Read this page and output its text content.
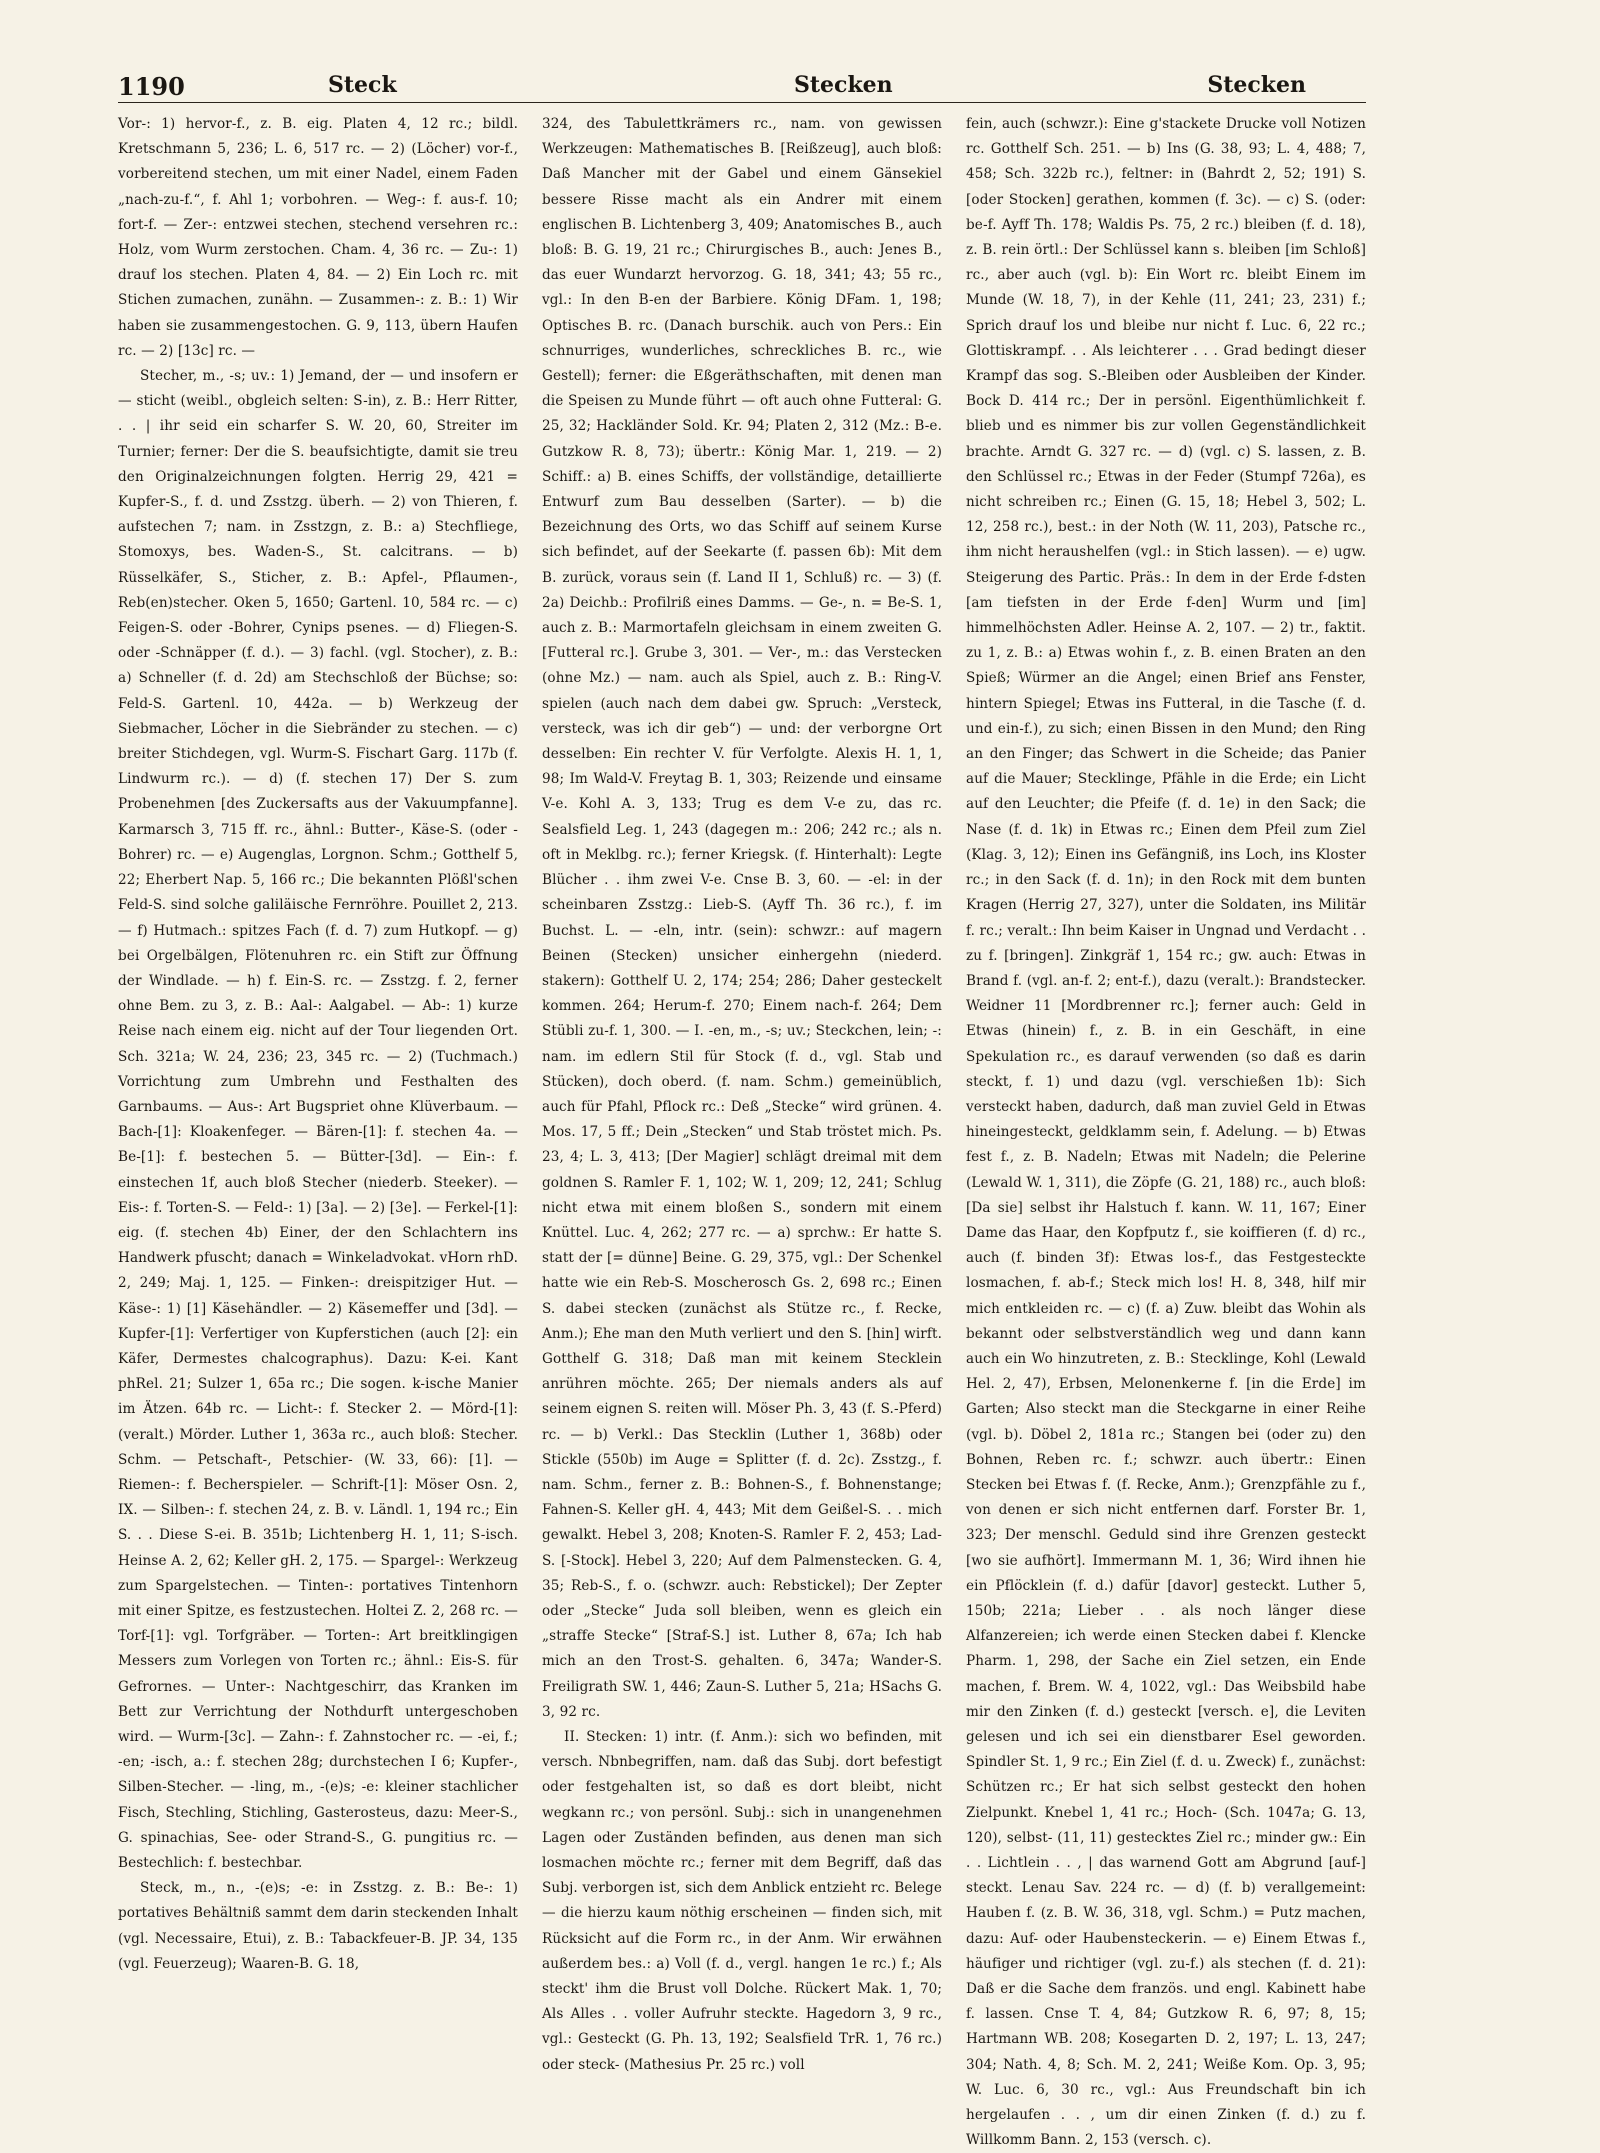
1190	Steck	Stecken	Stecken

Vor-: 1) hervor-f., z. B. eig. Platen 4, 12 rc.; bildl. Kretschmann 5, 236; L. 6, 517 rc. — 2) (Löcher) vor-f., vorbereitend stechen, um mit einer Nadel, einem Faden „nach-zu-f.“, f. Ahl 1; vorbohren. — Weg-: f. aus-f. 10; fort-f. — Zer-: entzwei stechen, stechend versehren rc.: Holz, vom Wurm zerstochen. Cham. 4, 36 rc. — Zu-: 1) drauf los stechen. Platen 4, 84. — 2) Ein Loch rc. mit Stichen zumachen, zunähn. — Zusammen-: z. B.: 1) Wir haben sie zusammengestochen. G. 9, 113, übern Haufen rc. — 2) [13c] rc. —

Stecher, m., -s; uv.: 1) Jemand, der — und insofern er — sticht (weibl., obgleich selten: S-in), z. B.: Herr Ritter, . . | ihr seid ein scharfer S. W. 20, 60, Streiter im Turnier; ferner: Der die S. beaufsichtigte, damit sie treu den Originalzeichnungen folgten. Herrig 29, 421 = Kupfer-S., f. d. und Zsstzg. überh. — 2) von Thieren, f. aufstechen 7; nam. in Zsstzgn, z. B.: a) Stechfliege, Stomoxys, bes. Waden-S., St. calcitrans. — b) Rüsselkäfer, S., Sticher, z. B.: Apfel-, Pflaumen-, Reb(en)stecher. Oken 5, 1650; Gartenl. 10, 584 rc. — c) Feigen-S. oder -Bohrer, Cynips psenes. — d) Fliegen-S. oder -Schnäpper (f. d.). — 3) fachl. (vgl. Stocher), z. B.: a) Schneller (f. d. 2d) am Stechschloß der Büchse; so: Feld-S. Gartenl. 10, 442a. — b) Werkzeug der Siebmacher, Löcher in die Siebränder zu stechen. — c) breiter Stichdegen, vgl. Wurm-S. Fischart Garg. 117b (f. Lindwurm rc.). — d) (f. stechen 17) Der S. zum Probenehmen [des Zuckersafts aus der Vakuumpfanne]. Karmarsch 3, 715 ff. rc., ähnl.: Butter-, Käse-S. (oder -Bohrer) rc. — e) Augenglas, Lorgnon. Schm.; Gotthelf 5, 22; Eherbert Nap. 5, 166 rc.; Die bekannten Plößl'schen Feld-S. sind solche galiläische Fernröhre. Pouillet 2, 213. — f) Hutmach.: spitzes Fach (f. d. 7) zum Hutkopf. — g) bei Orgelbälgen, Flötenuhren rc. ein Stift zur Öffnung der Windlade. — h) f. Ein-S. rc. — Zsstzg. f. 2, ferner ohne Bem. zu 3, z. B.: Aal-: Aalgabel. — Ab-: 1) kurze Reise nach einem eig. nicht auf der Tour liegenden Ort. Sch. 321a; W. 24, 236; 23, 345 rc. — 2) (Tuchmach.) Vorrichtung zum Umbrehn und Festhalten des Garnbaums. — Aus-: Art Bugspriet ohne Klüverbaum. — Bach-[1]: Kloakenfeger. — Bären-[1]: f. stechen 4a. — Be-[1]: f. bestechen 5. — Bütter-[3d]. — Ein-: f. einstechen 1f, auch bloß Stecher (niederb. Steeker). — Eis-: f. Torten-S. — Feld-: 1) [3a]. — 2) [3e]. — Ferkel-[1]: eig. (f. stechen 4b) Einer, der den Schlachtern ins Handwerk pfuscht; danach = Winkeladvokat. vHorn rhD. 2, 249; Maj. 1, 125. — Finken-: dreispitziger Hut. — Käse-: 1) [1] Käsehändler. — 2) Käsemeffer und [3d]. — Kupfer-[1]: Verfertiger von Kupferstichen (auch [2]: ein Käfer, Dermestes chalcographus). Dazu: K-ei. Kant phRel. 21; Sulzer 1, 65a rc.; Die sogen. k-ische Manier im Ätzen. 64b rc. — Licht-: f. Stecker 2. — Mörd-[1]: (veralt.) Mörder. Luther 1, 363a rc., auch bloß: Stecher. Schm. — Petschaft-, Petschier- (W. 33, 66): [1]. — Riemen-: f. Becherspieler. — Schrift-[1]: Möser Osn. 2, IX. — Silben-: f. stechen 24, z. B. v. Ländl. 1, 194 rc.; Ein S. . . Diese S-ei. B. 351b; Lichtenberg H. 1, 11; S-isch. Heinse A. 2, 62; Keller gH. 2, 175. — Spargel-: Werkzeug zum Spargelstechen. — Tinten-: portatives Tintenhorn mit einer Spitze, es festzustechen. Holtei Z. 2, 268 rc. — Torf-[1]: vgl. Torfgräber. — Torten-: Art breitklingigen Messers zum Vorlegen von Torten rc.; ähnl.: Eis-S. für Gefrornes. — Unter-: Nachtgeschirr, das Kranken im Bett zur Verrichtung der Nothdurft untergeschoben wird. — Wurm-[3c]. — Zahn-: f. Zahnstocher rc. — -ei, f.; -en; -isch, a.: f. stechen 28g; durchstechen I 6; Kupfer-, Silben-Stecher. — -ling, m., -(e)s; -e: kleiner stachlicher Fisch, Stechling, Stichling, Gasterosteus, dazu: Meer-S., G. spinachias, See- oder Strand-S., G. pungitius rc. — Bestechlich: f. bestechbar.

Steck, m., n., -(e)s; -e: in Zsstzg. z. B.: Be-: 1) portatives Behältniß sammt dem darin steckenden Inhalt (vgl. Necessaire, Etui), z. B.: Tabackfeuer-B. JP. 34, 135 (vgl. Feuerzeug); Waaren-B. G. 18,

324, des Tabulettkrämers rc., nam. von gewissen Werkzeugen: Mathematisches B. [Reißzeug], auch bloß: Daß Mancher mit der Gabel und einem Gänsekiel bessere Risse macht als ein Andrer mit einem englischen B. Lichtenberg 3, 409; Anatomisches B., auch bloß: B. G. 19, 21 rc.; Chirurgisches B., auch: Jenes B., das euer Wundarzt hervorzog. G. 18, 341; 43; 55 rc., vgl.: In den B-en der Barbiere. König DFam. 1, 198; Optisches B. rc. (Danach burschik. auch von Pers.: Ein schnurriges, wunderliches, schreckliches B. rc., wie Gestell); ferner: die Eßgeräthschaften, mit denen man die Speisen zu Munde führt — oft auch ohne Futteral: G. 25, 32; Hackländer Sold. Kr. 94; Platen 2, 312 (Mz.: B-e. Gutzkow R. 8, 73); übertr.: König Mar. 1, 219. — 2) Schiff.: a) B. eines Schiffs, der vollständige, detaillierte Entwurf zum Bau desselben (Sarter). — b) die Bezeichnung des Orts, wo das Schiff auf seinem Kurse sich befindet, auf der Seekarte (f. passen 6b): Mit dem B. zurück, voraus sein (f. Land II 1, Schluß) rc. — 3) (f. 2a) Deichb.: Profilriß eines Damms. — Ge-, n. = Be-S. 1, auch z. B.: Marmortafeln gleichsam in einem zweiten G. [Futteral rc.]. Grube 3, 301. — Ver-, m.: das Verstecken (ohne Mz.) — nam. auch als Spiel, auch z. B.: Ring-V. spielen (auch nach dem dabei gw. Spruch: „Versteck, versteck, was ich dir geb“) — und: der verborgne Ort desselben: Ein rechter V. für Verfolgte. Alexis H. 1, 1, 98; Im Wald-V. Freytag B. 1, 303; Reizende und einsame V-e. Kohl A. 3, 133; Trug es dem V-e zu, das rc. Sealsfield Leg. 1, 243 (dagegen m.: 206; 242 rc.; als n. oft in Meklbg. rc.); ferner Kriegsk. (f. Hinterhalt): Legte Blücher . . ihm zwei V-e. Cnse B. 3, 60. — -el: in der scheinbaren Zsstzg.: Lieb-S. (Ayff Th. 36 rc.), f. im Buchst. L. — -eln, intr. (sein): schwzr.: auf magern Beinen (Stecken) unsicher einhergehn (niederd. stakern): Gotthelf U. 2, 174; 254; 286; Daher gesteckelt kommen. 264; Herum-f. 270; Einem nach-f. 264; Dem Stübli zu-f. 1, 300. — I. -en, m., -s; uv.; Steckchen, lein; -: nam. im edlern Stil für Stock (f. d., vgl. Stab und Stücken), doch oberd. (f. nam. Schm.) gemeinüblich, auch für Pfahl, Pflock rc.: Deß „Stecke“ wird grünen. 4. Mos. 17, 5 ff.; Dein „Stecken“ und Stab tröstet mich. Ps. 23, 4; L. 3, 413; [Der Magier] schlägt dreimal mit dem goldnen S. Ramler F. 1, 102; W. 1, 209; 12, 241; Schlug nicht etwa mit einem bloßen S., sondern mit einem Knüttel. Luc. 4, 262; 277 rc. — a) sprchw.: Er hatte S. statt der [= dünne] Beine. G. 29, 375, vgl.: Der Schenkel hatte wie ein Reb-S. Moscherosch Gs. 2, 698 rc.; Einen S. dabei stecken (zunächst als Stütze rc., f. Recke, Anm.); Ehe man den Muth verliert und den S. [hin] wirft. Gotthelf G. 318; Daß man mit keinem Stecklein anrühren möchte. 265; Der niemals anders als auf seinem eignen S. reiten will. Möser Ph. 3, 43 (f. S.-Pferd) rc. — b) Verkl.: Das Stecklin (Luther 1, 368b) oder Stickle (550b) im Auge = Splitter (f. d. 2c). Zsstzg., f. nam. Schm., ferner z. B.: Bohnen-S., f. Bohnenstange; Fahnen-S. Keller gH. 4, 443; Mit dem Geißel-S. . . mich gewalkt. Hebel 3, 208; Knoten-S. Ramler F. 2, 453; Lad-S. [-Stock]. Hebel 3, 220; Auf dem Palmenstecken. G. 4, 35; Reb-S., f. o. (schwzr. auch: Rebstickel); Der Zepter oder „Stecke“ Juda soll bleiben, wenn es gleich ein „straffe Stecke“ [Straf-S.] ist. Luther 8, 67a; Ich hab mich an den Trost-S. gehalten. 6, 347a; Wander-S. Freiligrath SW. 1, 446; Zaun-S. Luther 5, 21a; HSachs G. 3, 92 rc.

II. Stecken: 1) intr. (f. Anm.): sich wo befinden, mit versch. Nbnbegriffen, nam. daß das Subj. dort befestigt oder festgehalten ist, so daß es dort bleibt, nicht wegkann rc.; von persönl. Subj.: sich in unangenehmen Lagen oder Zuständen befinden, aus denen man sich losmachen möchte rc.; ferner mit dem Begriff, daß das Subj. verborgen ist, sich dem Anblick entzieht rc. Belege — die hierzu kaum nöthig erscheinen — finden sich, mit Rücksicht auf die Form rc., in der Anm. Wir erwähnen außerdem bes.: a) Voll (f. d., vergl. hangen 1e rc.) f.; Als steckt' ihm die Brust voll Dolche. Rückert Mak. 1, 70; Als Alles . . voller Aufruhr steckte. Hagedorn 3, 9 rc., vgl.: Gesteckt (G. Ph. 13, 192; Sealsfield TrR. 1, 76 rc.) oder steck- (Mathesius Pr. 25 rc.) voll

fein, auch (schwzr.): Eine g'stackete Drucke voll Notizen rc. Gotthelf Sch. 251. — b) Ins (G. 38, 93; L. 4, 488; 7, 458; Sch. 322b rc.), feltner: in (Bahrdt 2, 52; 191) S. [oder Stocken] gerathen, kommen (f. 3c). — c) S. (oder: be-f. Ayff Th. 178; Waldis Ps. 75, 2 rc.) bleiben (f. d. 18), z. B. rein örtl.: Der Schlüssel kann s. bleiben [im Schloß] rc., aber auch (vgl. b): Ein Wort rc. bleibt Einem im Munde (W. 18, 7), in der Kehle (11, 241; 23, 231) f.; Sprich drauf los und bleibe nur nicht f. Luc. 6, 22 rc.; Glottiskrampf. . . Als leichterer . . . Grad bedingt dieser Krampf das sog. S.-Bleiben oder Ausbleiben der Kinder. Bock D. 414 rc.; Der in persönl. Eigenthümlichkeit f. blieb und es nimmer bis zur vollen Gegenständlichkeit brachte. Arndt G. 327 rc. — d) (vgl. c) S. lassen, z. B. den Schlüssel rc.; Etwas in der Feder (Stumpf 726a), es nicht schreiben rc.; Einen (G. 15, 18; Hebel 3, 502; L. 12, 258 rc.), best.: in der Noth (W. 11, 203), Patsche rc., ihm nicht heraushelfen (vgl.: in Stich lassen). — e) ugw. Steigerung des Partic. Präs.: In dem in der Erde f-dsten [am tiefsten in der Erde f-den] Wurm und [im] himmelhöchsten Adler. Heinse A. 2, 107. — 2) tr., faktit. zu 1, z. B.: a) Etwas wohin f., z. B. einen Braten an den Spieß; Würmer an die Angel; einen Brief ans Fenster, hintern Spiegel; Etwas ins Futteral, in die Tasche (f. d. und ein-f.), zu sich; einen Bissen in den Mund; den Ring an den Finger; das Schwert in die Scheide; das Panier auf die Mauer; Stecklinge, Pfähle in die Erde; ein Licht auf den Leuchter; die Pfeife (f. d. 1e) in den Sack; die Nase (f. d. 1k) in Etwas rc.; Einen dem Pfeil zum Ziel (Klag. 3, 12); Einen ins Gefängniß, ins Loch, ins Kloster rc.; in den Sack (f. d. 1n); in den Rock mit dem bunten Kragen (Herrig 27, 327), unter die Soldaten, ins Militär f. rc.; veralt.: Ihn beim Kaiser in Ungnad und Verdacht . . zu f. [bringen]. Zinkgräf 1, 154 rc.; gw. auch: Etwas in Brand f. (vgl. an-f. 2; ent-f.), dazu (veralt.): Brandstecker. Weidner 11 [Mordbrenner rc.]; ferner auch: Geld in Etwas (hinein) f., z. B. in ein Geschäft, in eine Spekulation rc., es darauf verwenden (so daß es darin steckt, f. 1) und dazu (vgl. verschießen 1b): Sich versteckt haben, dadurch, daß man zuviel Geld in Etwas hineingesteckt, geldklamm sein, f. Adelung. — b) Etwas fest f., z. B. Nadeln; Etwas mit Nadeln; die Pelerine (Lewald W. 1, 311), die Zöpfe (G. 21, 188) rc., auch bloß: [Da sie] selbst ihr Halstuch f. kann. W. 11, 167; Einer Dame das Haar, den Kopfputz f., sie koiffieren (f. d) rc., auch (f. binden 3f): Etwas los-f., das Festgesteckte losmachen, f. ab-f.; Steck mich los! H. 8, 348, hilf mir mich entkleiden rc. — c) (f. a) Zuw. bleibt das Wohin als bekannt oder selbstverständlich weg und dann kann auch ein Wo hinzutreten, z. B.: Stecklinge, Kohl (Lewald Hel. 2, 47), Erbsen, Melonenkerne f. [in die Erde] im Garten; Also steckt man die Steckgarne in einer Reihe (vgl. b). Döbel 2, 181a rc.; Stangen bei (oder zu) den Bohnen, Reben rc. f.; schwzr. auch übertr.: Einen Stecken bei Etwas f. (f. Recke, Anm.); Grenzpfähle zu f., von denen er sich nicht entfernen darf. Forster Br. 1, 323; Der menschl. Geduld sind ihre Grenzen gesteckt [wo sie aufhört]. Immermann M. 1, 36; Wird ihnen hie ein Pflöcklein (f. d.) dafür [davor] gesteckt. Luther 5, 150b; 221a; Lieber . . als noch länger diese Alfanzereien; ich werde einen Stecken dabei f. Klencke Pharm. 1, 298, der Sache ein Ziel setzen, ein Ende machen, f. Brem. W. 4, 1022, vgl.: Das Weibsbild habe mir den Zinken (f. d.) gesteckt [versch. e], die Leviten gelesen und ich sei ein dienstbarer Esel geworden. Spindler St. 1, 9 rc.; Ein Ziel (f. d. u. Zweck) f., zunächst: Schützen rc.; Er hat sich selbst gesteckt den hohen Zielpunkt. Knebel 1, 41 rc.; Hoch- (Sch. 1047a; G. 13, 120), selbst- (11, 11) gestecktes Ziel rc.; minder gw.: Ein . . Lichtlein . . , | das warnend Gott am Abgrund [auf-] steckt. Lenau Sav. 224 rc. — d) (f. b) verallgemeint: Hauben f. (z. B. W. 36, 318, vgl. Schm.) = Putz machen, dazu: Auf- oder Haubensteckerin. — e) Einem Etwas f., häufiger und richtiger (vgl. zu-f.) als stechen (f. d. 21): Daß er die Sache dem französ. und engl. Kabinett habe f. lassen. Cnse T. 4, 84; Gutzkow R. 6, 97; 8, 15; Hartmann WB. 208; Kosegarten D. 2, 197; L. 13, 247; 304; Nath. 4, 8; Sch. M. 2, 241; Weiße Kom. Op. 3, 95; W. Luc. 6, 30 rc., vgl.: Aus Freundschaft bin ich hergelaufen . . , um dir einen Zinken (f. d.) zu f. Willkomm Bann. 2, 153 (versch. c).
